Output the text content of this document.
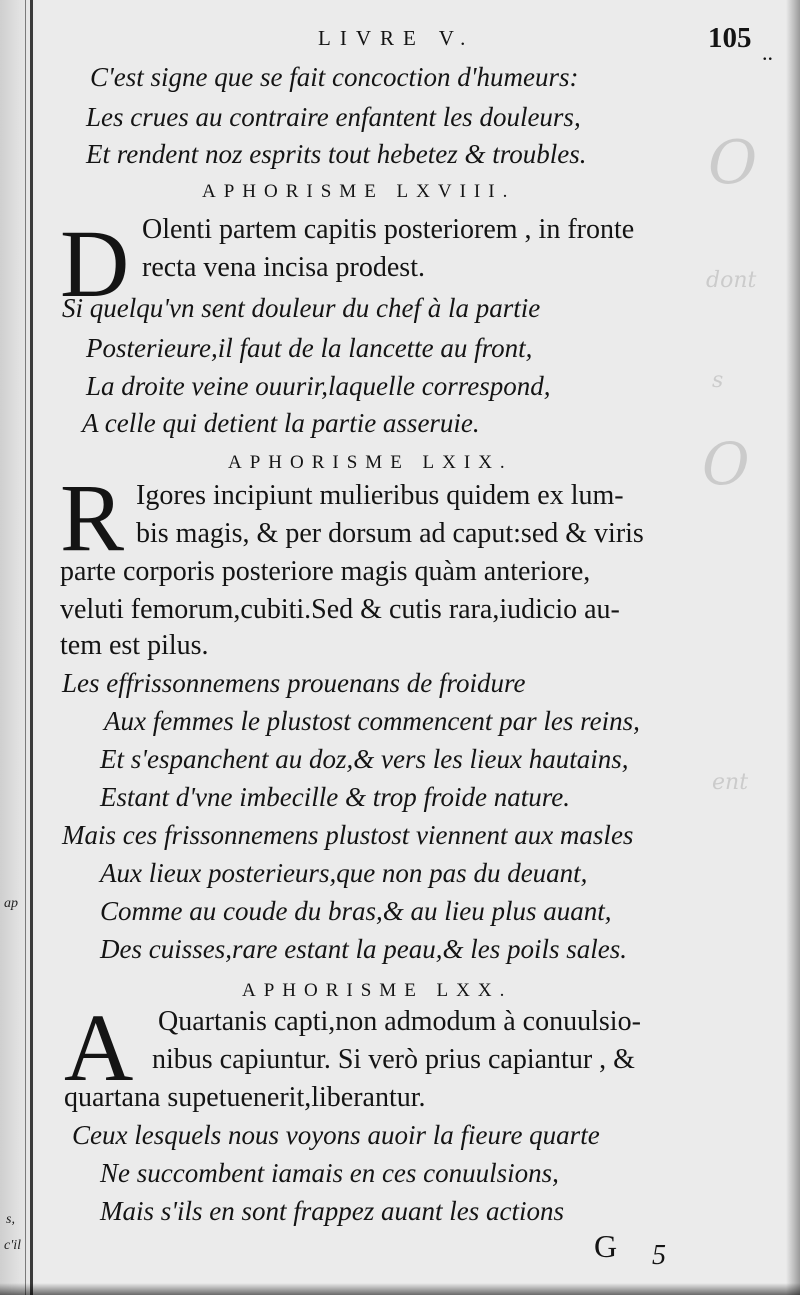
O
O
dont
s
ent
ap
s,
c'il
LIVRE V.	105 ..
C'est signe que se fait concoction d'humeurs:
Les crues au contraire enfantent les douleurs,
Et rendent noz esprits tout hebetez & troubles.
APHORISME LXVIII.
D Olenti partem capitis posteriorem , in fronte
recta vena incisa prodest.
Si quelqu'vn sent douleur du chef à la partie
Posterieure,il faut de la lancette au front,
La droite veine ouurir,laquelle correspond,
A celle qui detient la partie asseruie.
APHORISME LXIX.
R Igores incipiunt mulieribus quidem ex lum-
bis magis, & per dorsum ad caput:sed & viris
parte corporis posteriore magis quàm anteriore,
veluti femorum,cubiti.Sed & cutis rara,iudicio au-
tem est pilus.
Les effrissonnemens prouenans de froidure
Aux femmes le plustost commencent par les reins,
Et s'espanchent au doz,& vers les lieux hautains,
Estant d'vne imbecille & trop froide nature.
Mais ces frissonnemens plustost viennent aux masles
Aux lieux posterieurs,que non pas du deuant,
Comme au coude du bras,& au lieu plus auant,
Des cuisses,rare estant la peau,& les poils sales.
APHORISME LXX.
A Quartanis capti,non admodum à conuulsio-
nibus capiuntur. Si verò prius capiantur , &
quartana supetuenerit,liberantur.
Ceux lesquels nous voyons auoir la fieure quarte
Ne succombent iamais en ces conuulsions,
Mais s'ils en sont frappez auant les actions
G 5
